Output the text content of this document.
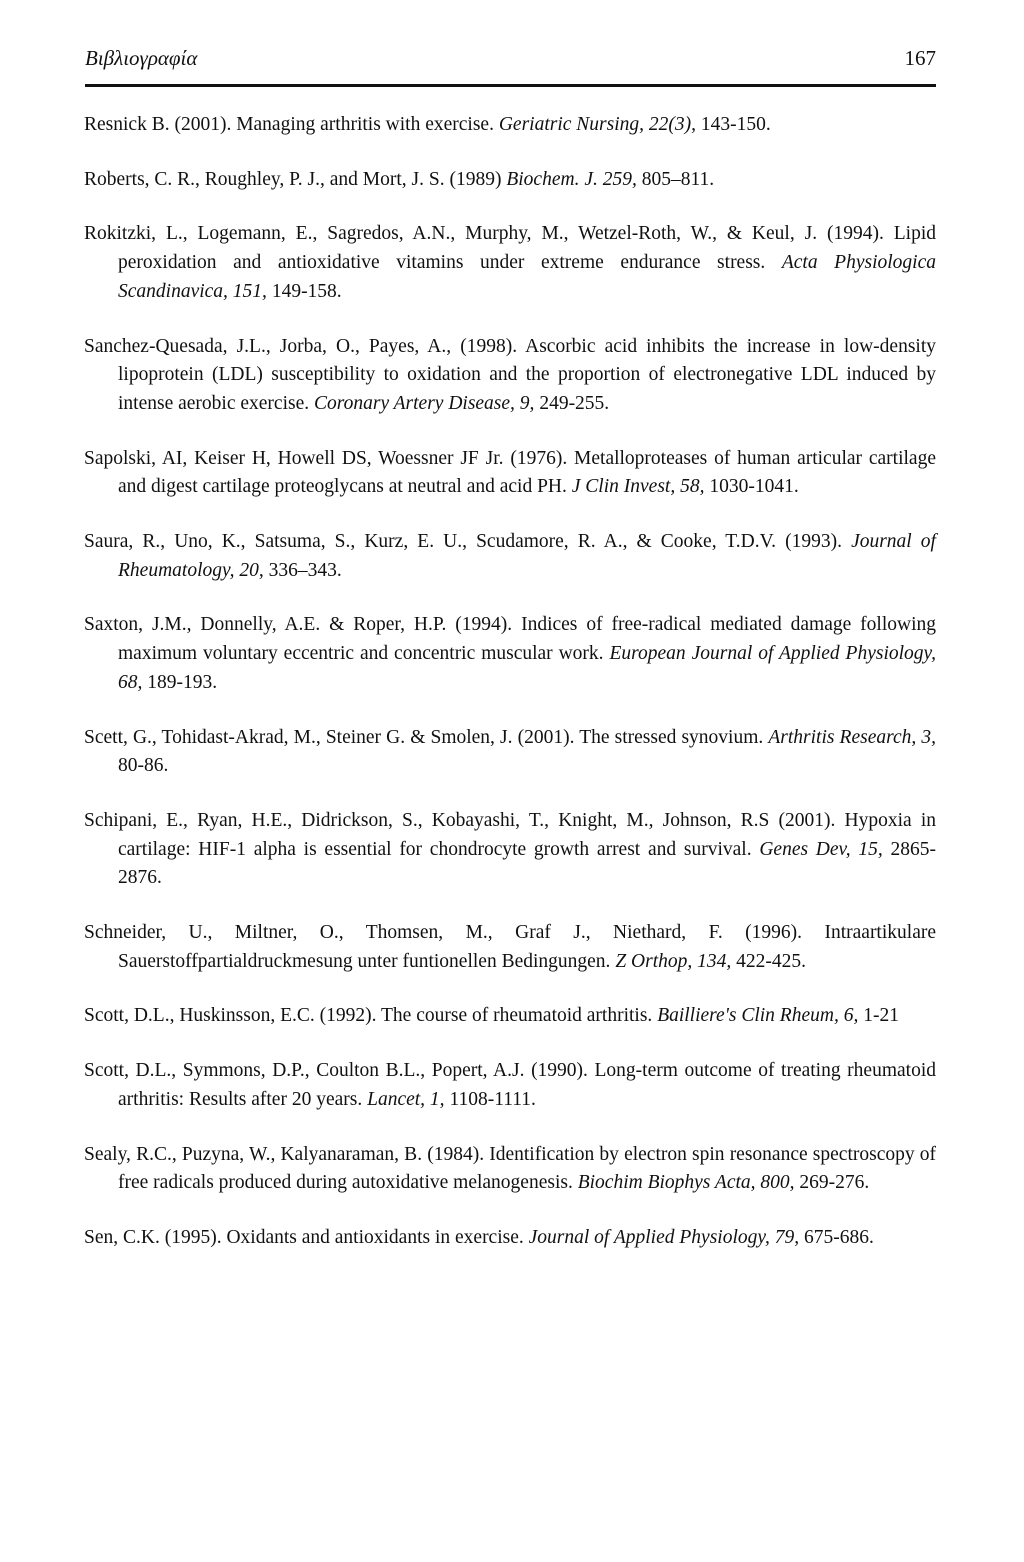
Βιβλιογραφία	167

Resnick B. (2001). Managing arthritis with exercise. Geriatric Nursing, 22(3), 143-150.

Roberts, C. R., Roughley, P. J., and Mort, J. S. (1989) Biochem. J. 259, 805–811.

Rokitzki, L., Logemann, E., Sagredos, A.N., Murphy, M., Wetzel-Roth, W., & Keul, J. (1994). Lipid peroxidation and antioxidative vitamins under extreme endurance stress. Acta Physiologica Scandinavica, 151, 149-158.

Sanchez-Quesada, J.L., Jorba, O., Payes, A., (1998). Ascorbic acid inhibits the increase in low-density lipoprotein (LDL) susceptibility to oxidation and the proportion of electronegative LDL induced by intense aerobic exercise. Coronary Artery Disease, 9, 249-255.

Sapolski, AI, Keiser H, Howell DS, Woessner JF Jr. (1976). Metalloproteases of human articular cartilage and digest cartilage proteoglycans at neutral and acid PH. J Clin Invest, 58, 1030-1041.

Saura, R., Uno, K., Satsuma, S., Kurz, E. U., Scudamore, R. A., & Cooke, T.D.V. (1993). Journal of Rheumatology, 20, 336–343.

Saxton, J.M., Donnelly, A.E. & Roper, H.P. (1994). Indices of free-radical mediated damage following maximum voluntary eccentric and concentric muscular work. European Journal of Applied Physiology, 68, 189-193.

Scett, G., Tohidast-Akrad, M., Steiner G. & Smolen, J. (2001). The stressed synovium. Arthritis Research, 3, 80-86.

Schipani, E., Ryan, H.E., Didrickson, S., Kobayashi, T., Knight, M., Johnson, R.S (2001). Hypoxia in cartilage: HIF-1 alpha is essential for chondrocyte growth arrest and survival. Genes Dev, 15, 2865-2876.

Schneider, U., Miltner, O., Thomsen, M., Graf J., Niethard, F. (1996). Intraartikulare Sauerstoffpartialdruckmesung unter funtionellen Bedingungen. Z Orthop, 134, 422-425.

Scott, D.L., Huskinsson, E.C. (1992). The course of rheumatoid arthritis. Bailliere's Clin Rheum, 6, 1-21

Scott, D.L., Symmons, D.P., Coulton B.L., Popert, A.J. (1990). Long-term outcome of treating rheumatoid arthritis: Results after 20 years. Lancet, 1, 1108-1111.

Sealy, R.C., Puzyna, W., Kalyanaraman, B. (1984). Identification by electron spin resonance spectroscopy of free radicals produced during autoxidative melanogenesis. Biochim Biophys Acta, 800, 269-276.

Sen, C.K. (1995). Oxidants and antioxidants in exercise. Journal of Applied Physiology, 79, 675-686.
